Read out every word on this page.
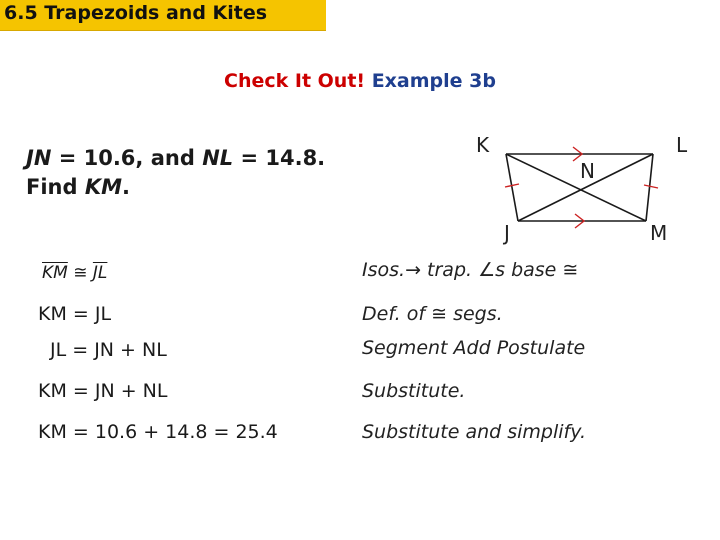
6.5 Trapezoids and Kites
Check It Out! Example 3b
JN = 10.6, and NL = 14.8.
Find KM.
K	L
N
J	M
$\overline{KM}$ ≅ $\overline{JL}$	Isos.→ trap. ∠s base ≅
KM = JL	Def. of ≅ segs.
JL = JN + NL	Segment Add Postulate
KM = JN + NL	Substitute.
KM = 10.6 + 14.8 = 25.4	Substitute and simplify.
